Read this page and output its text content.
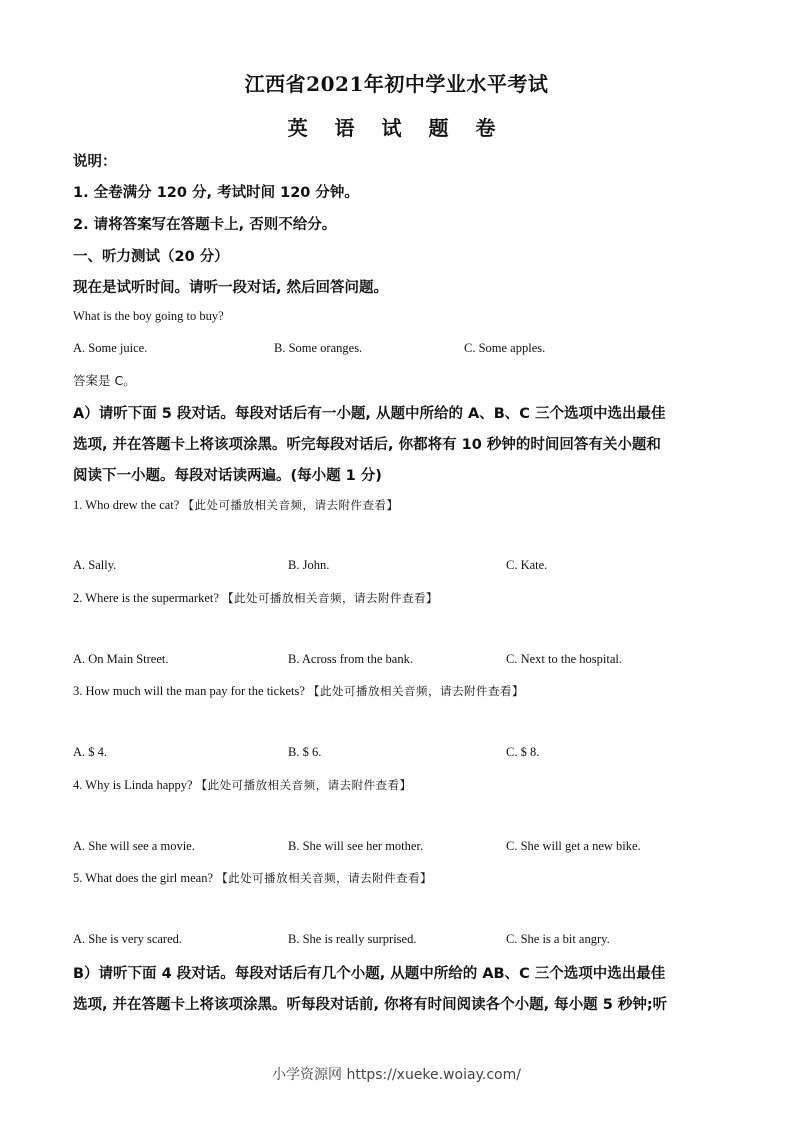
江西省2021年初中学业水平考试
英 语 试 题 卷
说明：
1. 全卷满分 120 分, 考试时间 120 分钟。
2. 请将答案写在答题卡上, 否则不给分。
一、听力测试（20 分）
现在是试听时间。请听一段对话, 然后回答问题。
What is the boy going to buy?
A. Some juice.	B. Some oranges.	C. Some apples.
答案是 C。
A）请听下面 5 段对话。每段对话后有一小题, 从题中所给的 A、B、C 三个选项中选出最佳
选项, 并在答题卡上将该项涂黑。听完每段对话后, 你都将有 10 秒钟的时间回答有关小题和
阅读下一小题。每段对话读两遍。(每小题 1 分)
1. Who drew the cat? 【此处可播放相关音频，请去附件查看】
A. Sally.	B. John.	C. Kate.
2. Where is the supermarket? 【此处可播放相关音频，请去附件查看】
A. On Main Street.	B. Across from the bank.	C. Next to the hospital.
3. How much will the man pay for the tickets? 【此处可播放相关音频，请去附件查看】
A. $ 4.	B. $ 6.	C. $ 8.
4. Why is Linda happy? 【此处可播放相关音频，请去附件查看】
A. She will see a movie.	B. She will see her mother.	C. She will get a new bike.
5. What does the girl mean? 【此处可播放相关音频，请去附件查看】
A. She is very scared.	B. She is really surprised.	C. She is a bit angry.
B）请听下面 4 段对话。每段对话后有几个小题, 从题中所给的 AB、C 三个选项中选出最佳
选项, 并在答题卡上将该项涂黑。听每段对话前, 你将有时间阅读各个小题, 每小题 5 秒钟;听
小学资源网 https://xueke.woiay.com/
